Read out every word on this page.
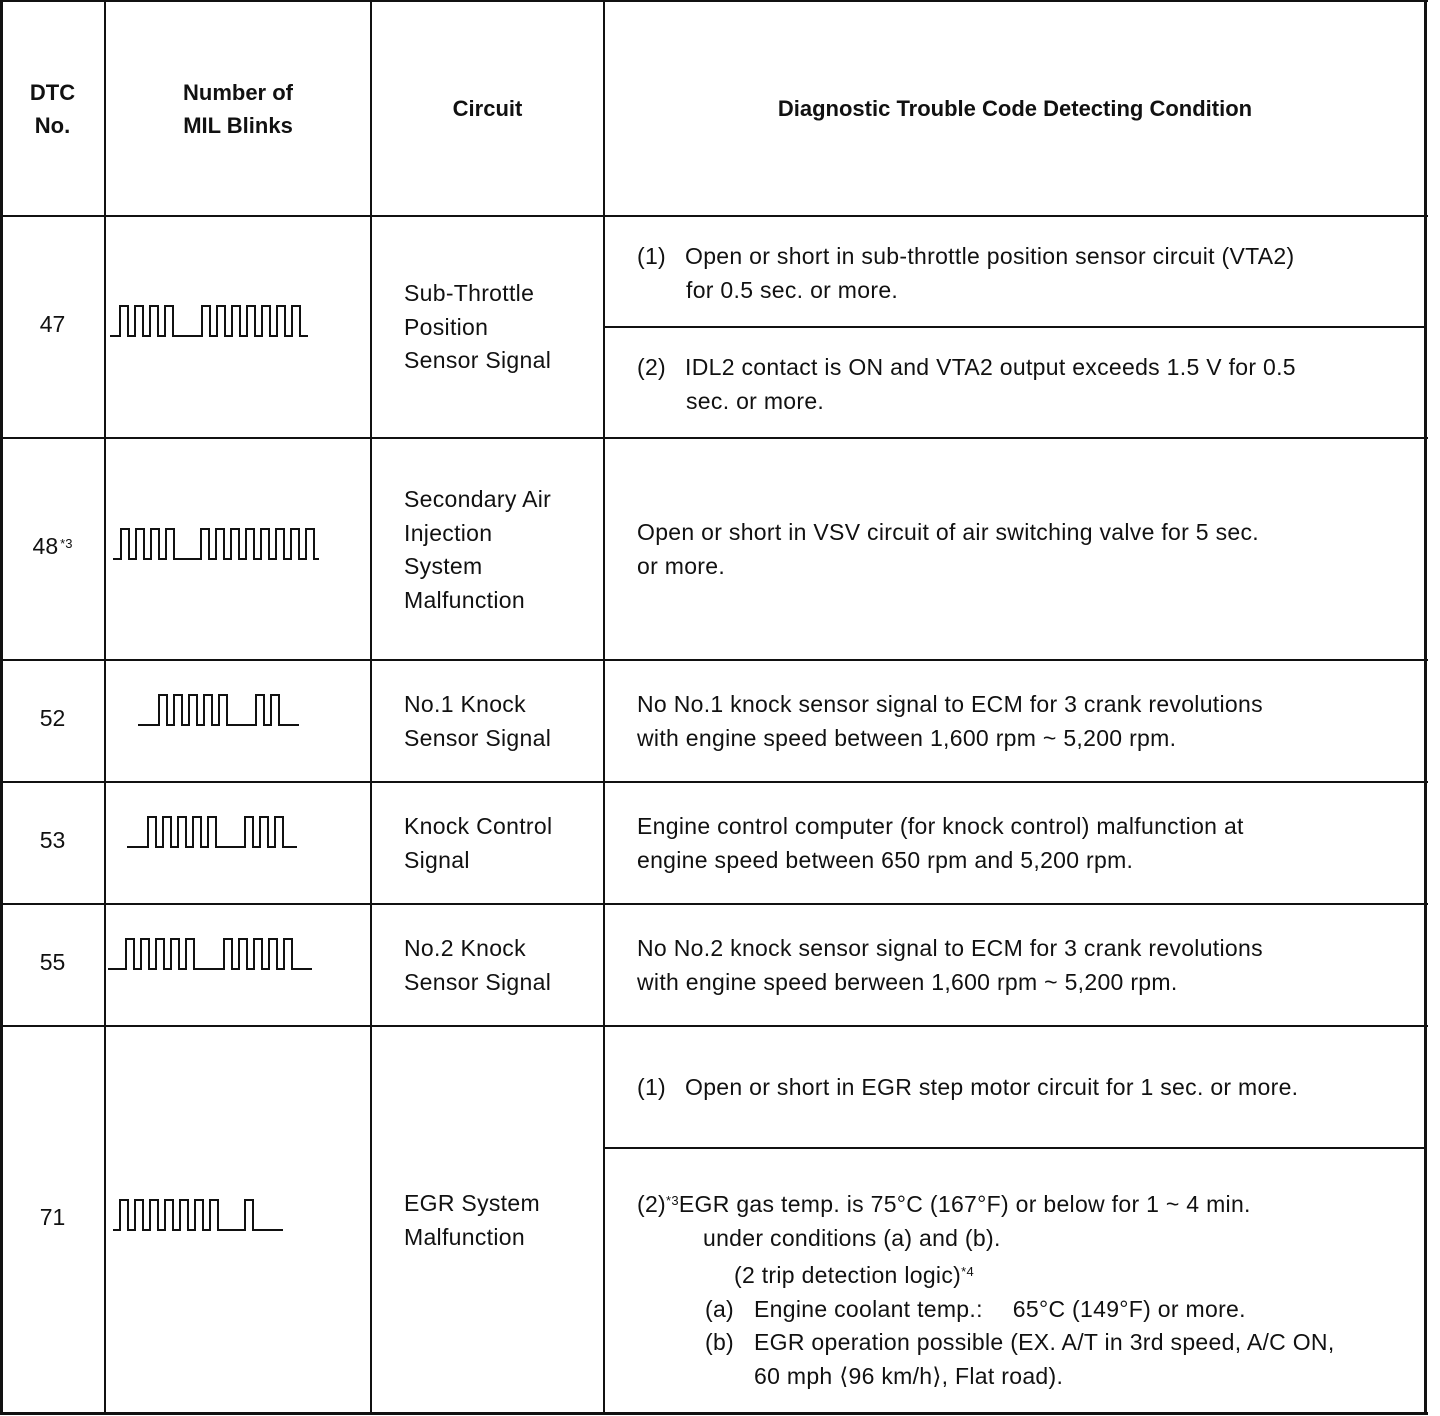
DTC
No.
Number of
MIL Blinks
Circuit	Diagnostic Trouble Code Detecting Condition
47
Sub-Throttle
Position
Sensor Signal
(1) Open or short in sub-throttle position sensor circuit (VTA2)
for 0.5 sec. or more.
(2) IDL2 contact is ON and VTA2 output exceeds 1.5 V for 0.5
sec. or more.
48 $^{*3}$
Secondary Air
Injection
System
Malfunction
Open or short in VSV circuit of air switching valve for 5 sec.
or more.
52
No.1 Knock
Sensor Signal
No No.1 knock sensor signal to ECM for 3 crank revolutions
with engine speed between 1,600 rpm ~ 5,200 rpm.
53
Knock Control
Signal
Engine control computer (for knock control) malfunction at
engine speed between 650 rpm and 5,200 rpm.
55
No.2 Knock
Sensor Signal
No No.2 knock sensor signal to ECM for 3 crank revolutions
with engine speed berween 1,600 rpm ~ 5,200 rpm.
71
EGR System
Malfunction
(1) Open or short in EGR step motor circuit for 1 sec. or more.
$(2)^{*3}EGR$ gas temp. is 75°C (167°F) or below for 1 ~ 4 min.
under conditions (a) and (b).
(2 trip detection logic)$^{*4}$
(a) Engine coolant temp.: 65°C (149°F) or more.
(b) EGR operation possible (EX. A/T in 3rd speed, A/C ON,
60 mph ⟨96 km/h⟩, Flat road).
